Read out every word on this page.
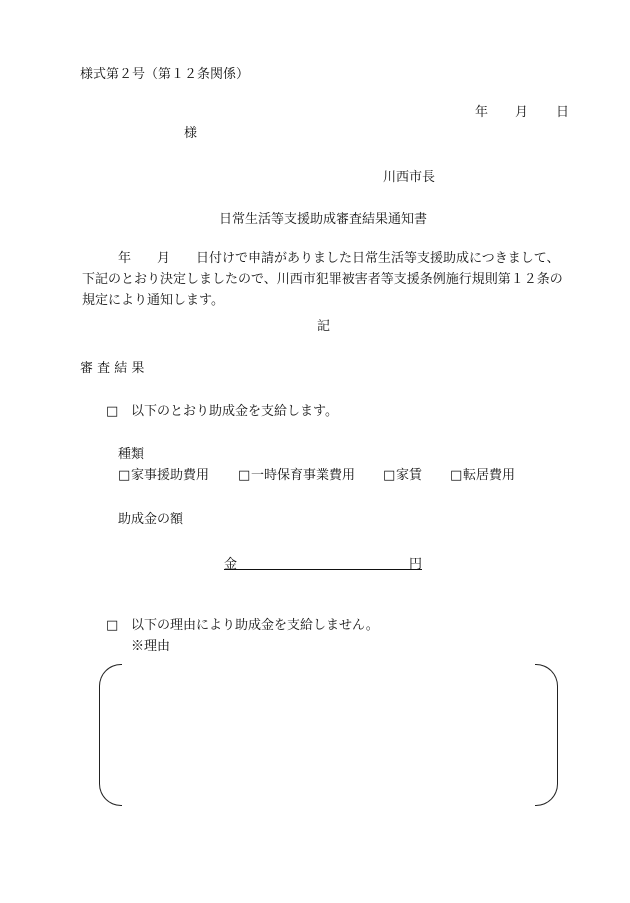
様式第２号（第１２条関係）
年 月 日
様
川西市長
日常生活等支援助成審査結果通知書
年　　月　　日付けで申請がありました日常生活等支援助成につきまして、
下記のとおり決定しましたので、川西市犯罪被害者等支援条例施行規則第１２条の
規定により通知します。
記
審 査 結 果
□ 以下のとおり助成金を支給します。
種類
□ 家事援助費用 □ 一時保育事業費用 □ 家賃 □ 転居費用
助成金の額
金	円
□ 以下の理由により助成金を支給しません。
※理由
